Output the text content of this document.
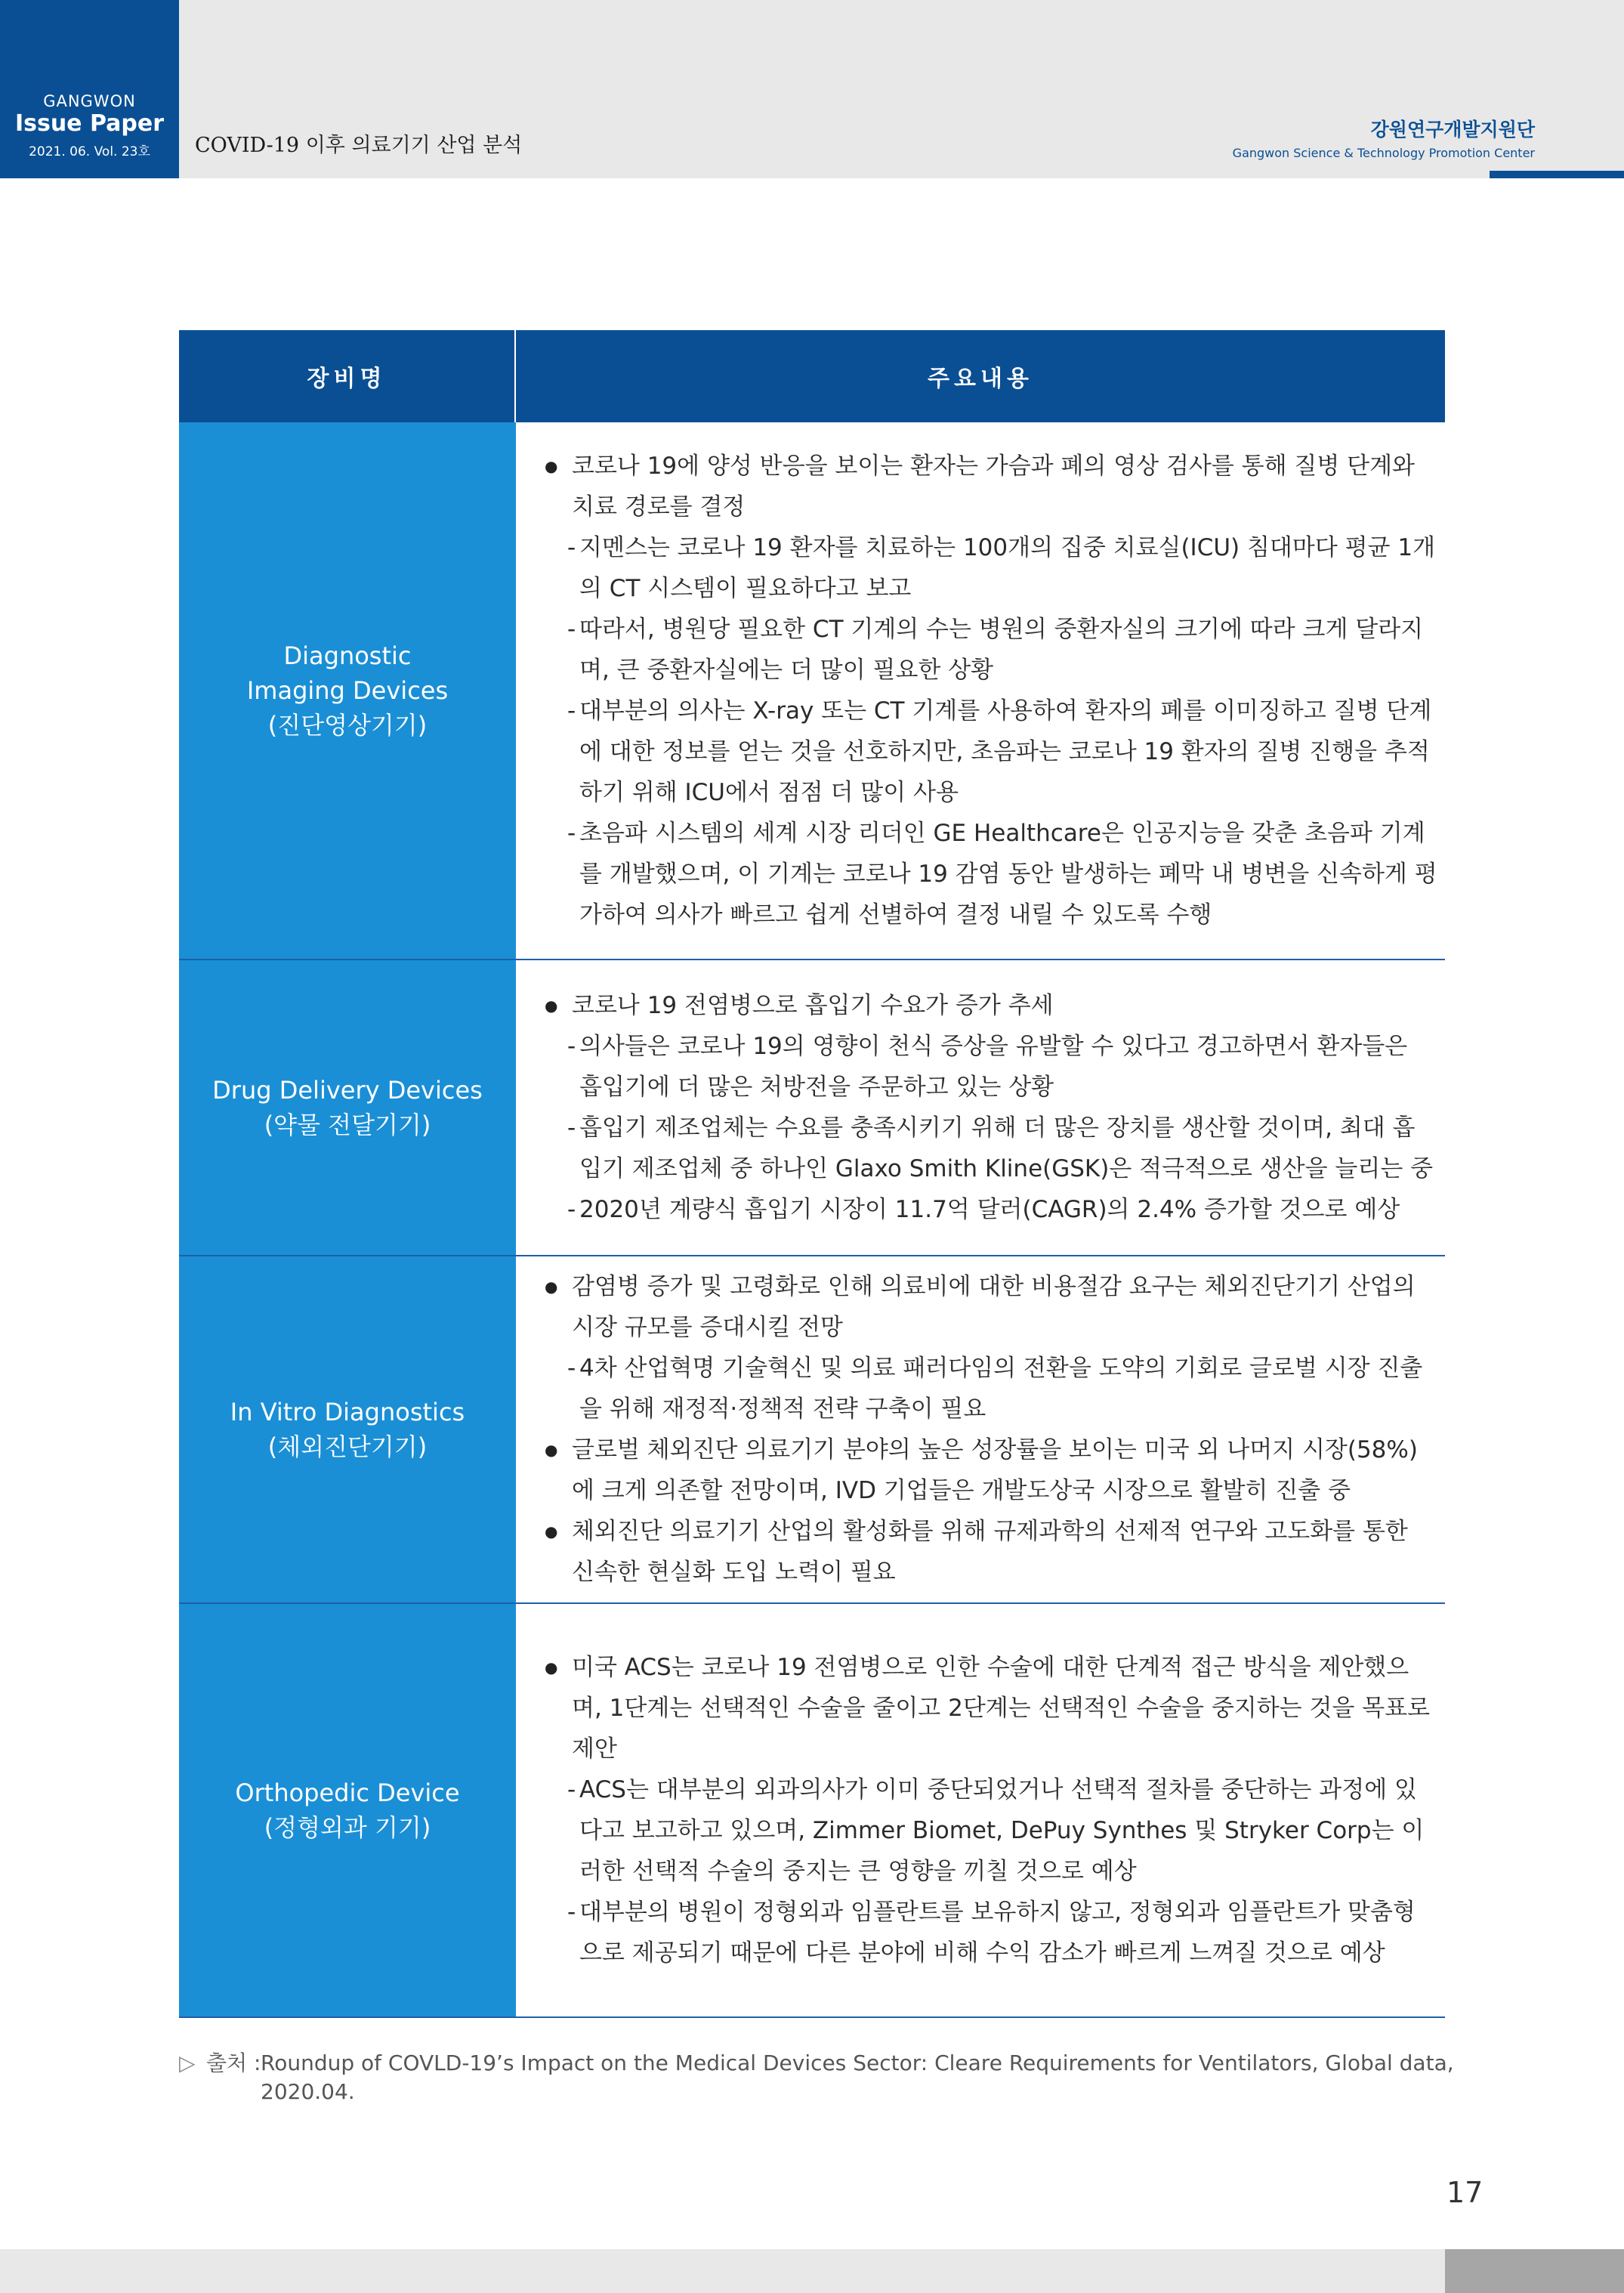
GANGWON
Issue Paper
2021. 06. Vol. 23호	COVID-19 이후 의료기기 산업 분석
강원연구개발지원단
Gangwon Science & Technology Promotion Center
장비명	주요내용
Diagnostic
Imaging Devices
(진단영상기기)
● 코로나 19에 양성 반응을 보이는 환자는 가슴과 폐의 영상 검사를 통해 질병 단계와 치료 경로를 결정
- 지멘스는 코로나 19 환자를 치료하는 100개의 집중 치료실(ICU) 침대마다 평균 1개의 CT 시스템이 필요하다고 보고
- 따라서, 병원당 필요한 CT 기계의 수는 병원의 중환자실의 크기에 따라 크게 달라지며, 큰 중환자실에는 더 많이 필요한 상황
- 대부분의 의사는 X-ray 또는 CT 기계를 사용하여 환자의 폐를 이미징하고 질병 단계에 대한 정보를 얻는 것을 선호하지만, 초음파는 코로나 19 환자의 질병 진행을 추적하기 위해 ICU에서 점점 더 많이 사용
- 초음파 시스템의 세계 시장 리더인 GE Healthcare은 인공지능을 갖춘 초음파 기계를 개발했으며, 이 기계는 코로나 19 감염 동안 발생하는 폐막 내 병변을 신속하게 평가하여 의사가 빠르고 쉽게 선별하여 결정 내릴 수 있도록 수행
Drug Delivery Devices
(약물 전달기기)
● 코로나 19 전염병으로 흡입기 수요가 증가 추세
- 의사들은 코로나 19의 영향이 천식 증상을 유발할 수 있다고 경고하면서 환자들은 흡입기에 더 많은 처방전을 주문하고 있는 상황
- 흡입기 제조업체는 수요를 충족시키기 위해 더 많은 장치를 생산할 것이며, 최대 흡입기 제조업체 중 하나인 Glaxo Smith Kline(GSK)은 적극적으로 생산을 늘리는 중
- 2020년 계량식 흡입기 시장이 11.7억 달러(CAGR)의 2.4% 증가할 것으로 예상
In Vitro Diagnostics
(체외진단기기)
● 감염병 증가 및 고령화로 인해 의료비에 대한 비용절감 요구는 체외진단기기 산업의 시장 규모를 증대시킬 전망
- 4차 산업혁명 기술혁신 및 의료 패러다임의 전환을 도약의 기회로 글로벌 시장 진출을 위해 재정적·정책적 전략 구축이 필요
● 글로벌 체외진단 의료기기 분야의 높은 성장률을 보이는 미국 외 나머지 시장(58%)에 크게 의존할 전망이며, IVD 기업들은 개발도상국 시장으로 활발히 진출 중
● 체외진단 의료기기 산업의 활성화를 위해 규제과학의 선제적 연구와 고도화를 통한 신속한 현실화 도입 노력이 필요
Orthopedic Device
(정형외과 기기)
● 미국 ACS는 코로나 19 전염병으로 인한 수술에 대한 단계적 접근 방식을 제안했으며, 1단계는 선택적인 수술을 줄이고 2단계는 선택적인 수술을 중지하는 것을 목표로 제안
- ACS는 대부분의 외과의사가 이미 중단되었거나 선택적 절차를 중단하는 과정에 있다고 보고하고 있으며, Zimmer Biomet, DePuy Synthes 및 Stryker Corp는 이러한 선택적 수술의 중지는 큰 영향을 끼칠 것으로 예상
- 대부분의 병원이 정형외과 임플란트를 보유하지 않고, 정형외과 임플란트가 맞춤형으로 제공되기 때문에 다른 분야에 비해 수익 감소가 빠르게 느껴질 것으로 예상
▷ 출처 : Roundup of COVLD-19’s Impact on the Medical Devices Sector: Cleare Requirements for Ventilators, Global data, 2020.04.
17
